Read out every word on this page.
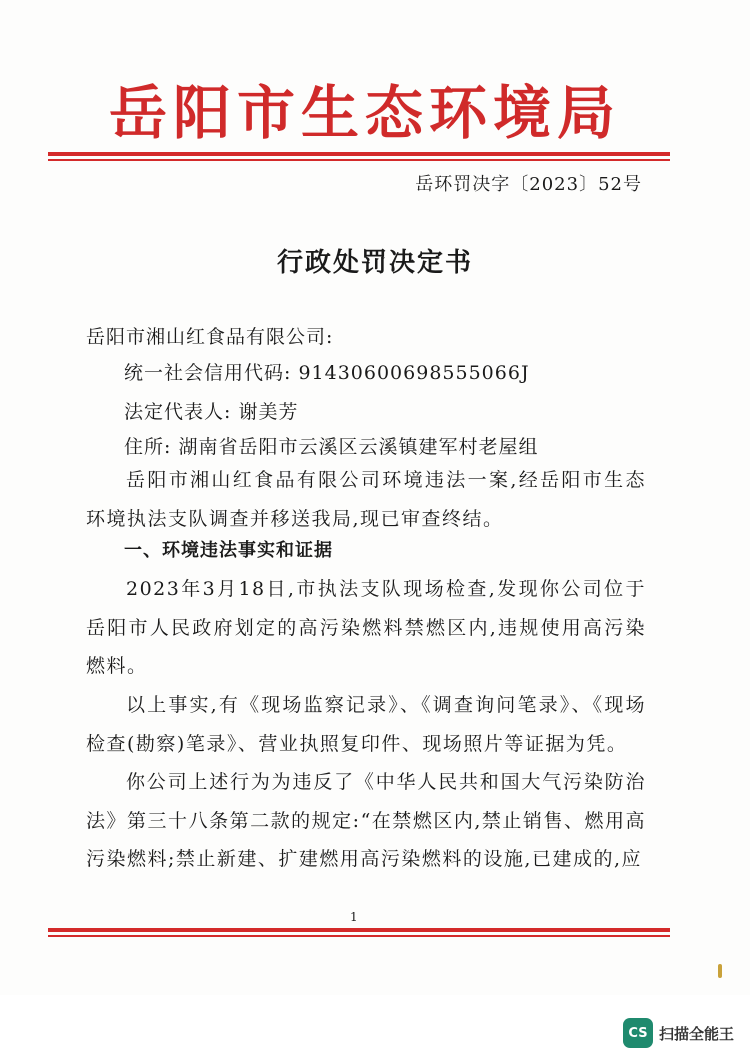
岳阳市生态环境局
岳环罚决字〔2023〕52号
行政处罚决定书
岳阳市湘山红食品有限公司:
统一社会信用代码: 91430600698555066J
法定代表人: 谢美芳
住所: 湖南省岳阳市云溪区云溪镇建军村老屋组
岳阳市湘山红食品有限公司环境违法一案,经岳阳市生态环境执法支队调查并移送我局,现已审查终结。
一、环境违法事实和证据
2023年3月18日,市执法支队现场检查,发现你公司位于岳阳市人民政府划定的高污染燃料禁燃区内,违规使用高污染燃料。
以上事实,有《现场监察记录》、《调查询问笔录》、《现场检查(勘察)笔录》、营业执照复印件、现场照片等证据为凭。
你公司上述行为为违反了《中华人民共和国大气污染防治法》第三十八条第二款的规定:“在禁燃区内,禁止销售、燃用高污染燃料;禁止新建、扩建燃用高污染燃料的设施,已建成的,应
1
CS 扫描全能王
